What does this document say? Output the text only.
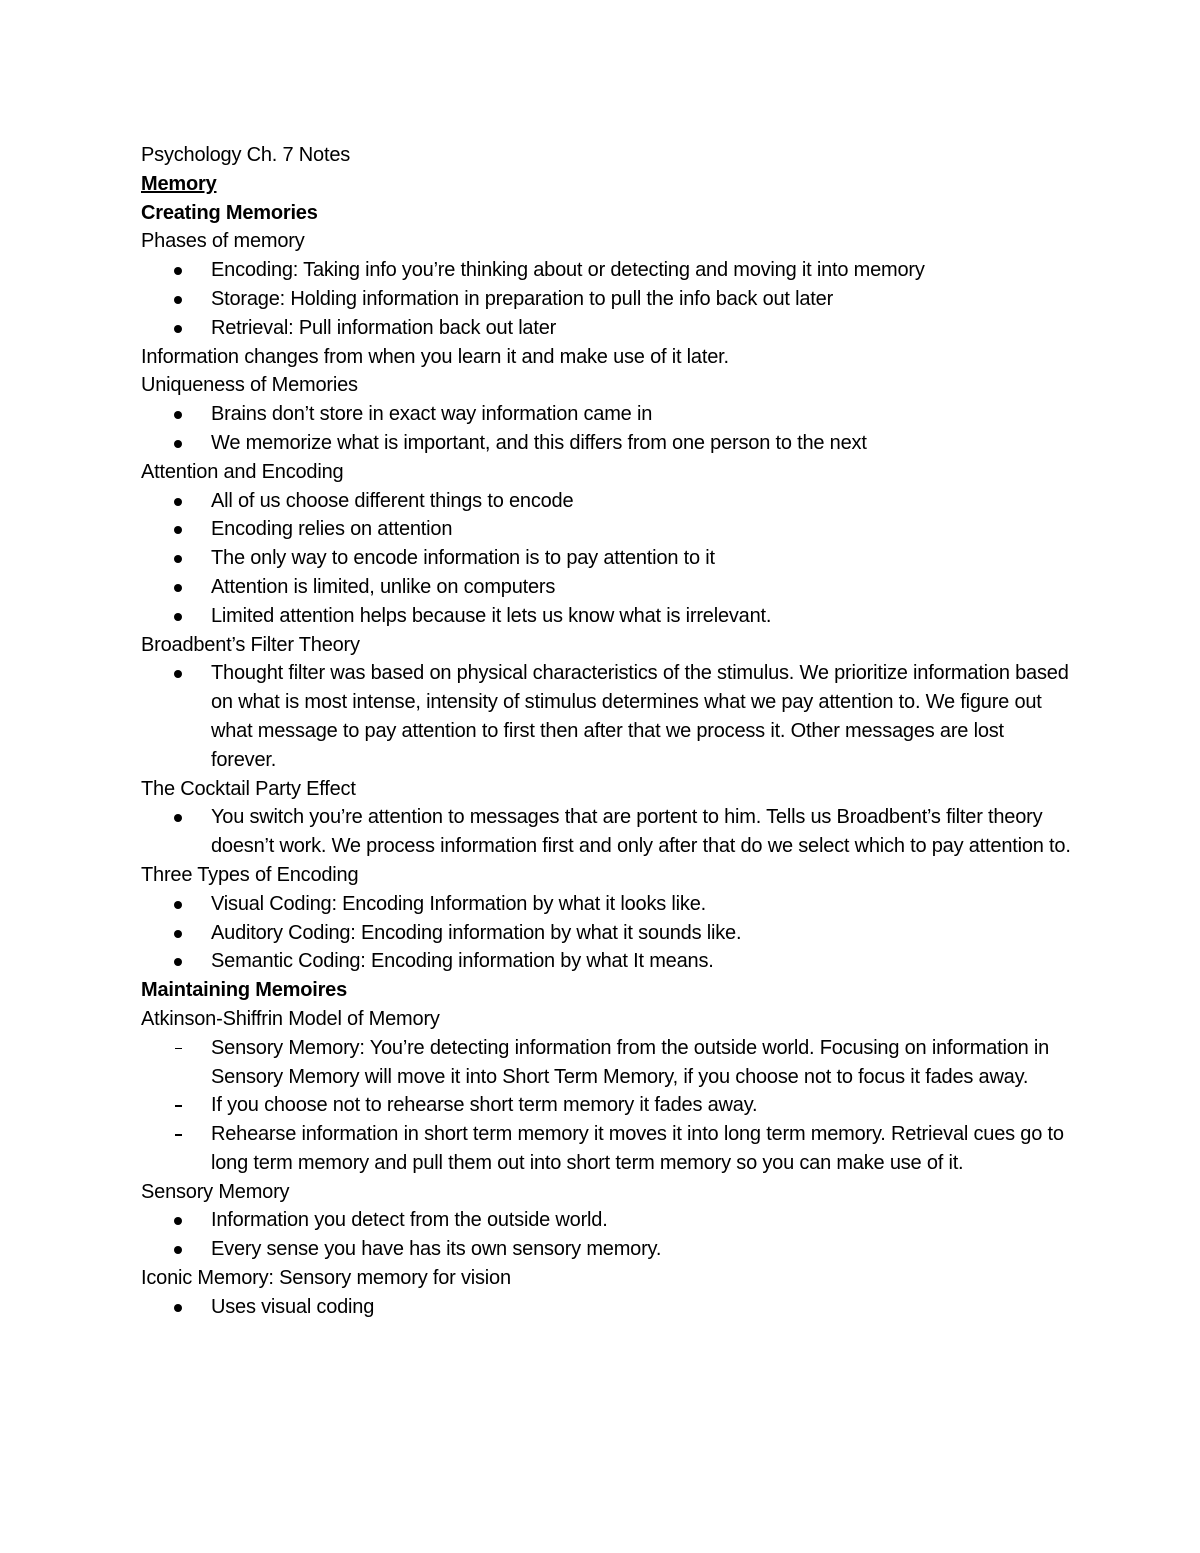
Psychology Ch. 7 Notes

Memory

Creating Memories

Phases of memory

Encoding: Taking info you’re thinking about or detecting and moving it into memory
Storage: Holding information in preparation to pull the info back out later
Retrieval: Pull information back out later

Information changes from when you learn it and make use of it later.

Uniqueness of Memories

Brains don’t store in exact way information came in
We memorize what is important, and this differs from one person to the next

Attention and Encoding

All of us choose different things to encode
Encoding relies on attention
The only way to encode information is to pay attention to it
Attention is limited, unlike on computers
Limited attention helps because it lets us know what is irrelevant.

Broadbent’s Filter Theory

Thought filter was based on physical characteristics of the stimulus. We prioritize information based on what is most intense, intensity of stimulus determines what we pay attention to. We figure out what message to pay attention to first then after that we process it. Other messages are lost forever.

The Cocktail Party Effect

You switch you’re attention to messages that are portent to him. Tells us Broadbent’s filter theory doesn’t work. We process information first and only after that do we select which to pay attention to.

Three Types of Encoding

Visual Coding: Encoding Information by what it looks like.
Auditory Coding: Encoding information by what it sounds like.
Semantic Coding: Encoding information by what It means.

Maintaining Memoires

Atkinson-Shiffrin Model of Memory

Sensory Memory: You’re detecting information from the outside world. Focusing on information in Sensory Memory will move it into Short Term Memory, if you choose not to focus it fades away.
If you choose not to rehearse short term memory it fades away.
Rehearse information in short term memory it moves it into long term memory. Retrieval cues go to long term memory and pull them out into short term memory so you can make use of it.

Sensory Memory

Information you detect from the outside world.
Every sense you have has its own sensory memory.

Iconic Memory: Sensory memory for vision

Uses visual coding
